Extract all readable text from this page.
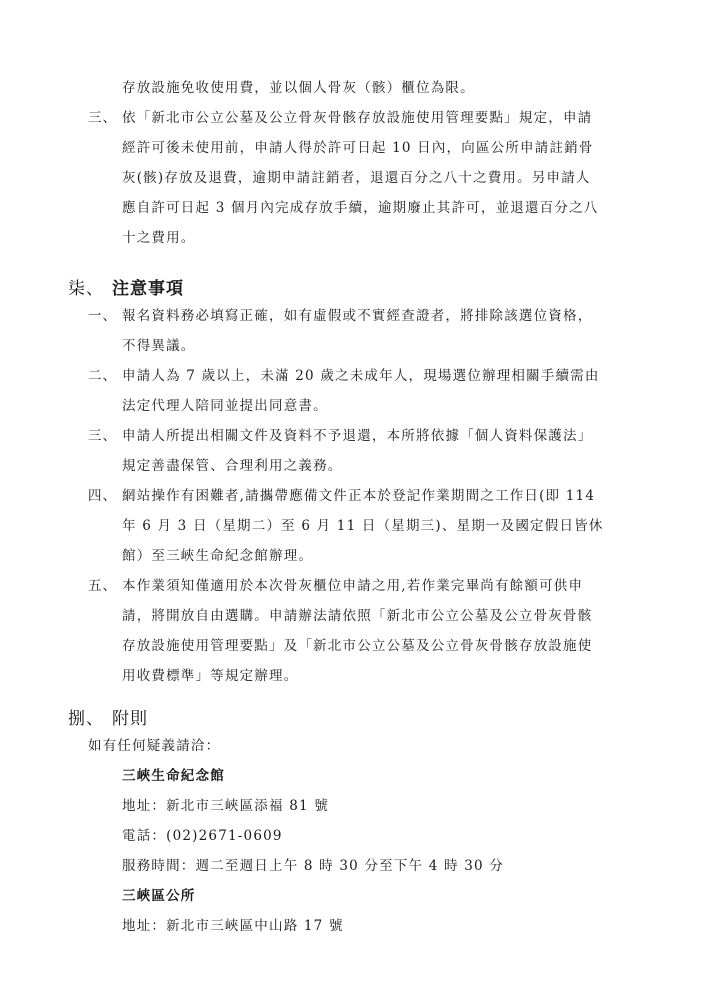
存放設施免收使用費，並以個人骨灰（骸）櫃位為限。
三、 依「新北市公立公墓及公立骨灰骨骸存放設施使用管理要點」規定，申請
經許可後未使用前，申請人得於許可日起 10 日內，向區公所申請註銷骨
灰(骸)存放及退費，逾期申請註銷者，退還百分之八十之費用。另申請人
應自許可日起 3 個月內完成存放手續，逾期廢止其許可，並退還百分之八
十之費用。
柒、 注意事項
一、 報名資料務必填寫正確，如有虛假或不實經查證者，將排除該選位資格，
不得異議。
二、 申請人為 7 歲以上，未滿 20 歲之未成年人，現場選位辦理相關手續需由
法定代理人陪同並提出同意書。
三、 申請人所提出相關文件及資料不予退還，本所將依據「個人資料保護法」
規定善盡保管、合理利用之義務。
四、 網站操作有困難者,請攜帶應備文件正本於登記作業期間之工作日(即 114
年 6 月 3 日（星期二）至 6 月 11 日（星期三)、星期一及國定假日皆休
館）至三峽生命紀念館辦理。
五、 本作業須知僅適用於本次骨灰櫃位申請之用,若作業完畢尚有餘額可供申
請，將開放自由選購。申請辦法請依照「新北市公立公墓及公立骨灰骨骸
存放設施使用管理要點」及「新北市公立公墓及公立骨灰骨骸存放設施使
用收費標準」等規定辦理。
捌、 附則
如有任何疑義請洽：
三峽生命紀念館
地址：新北市三峽區添福 81 號
電話：(02)2671-0609
服務時間：週二至週日上午 8 時 30 分至下午 4 時 30 分
三峽區公所
地址：新北市三峽區中山路 17 號
